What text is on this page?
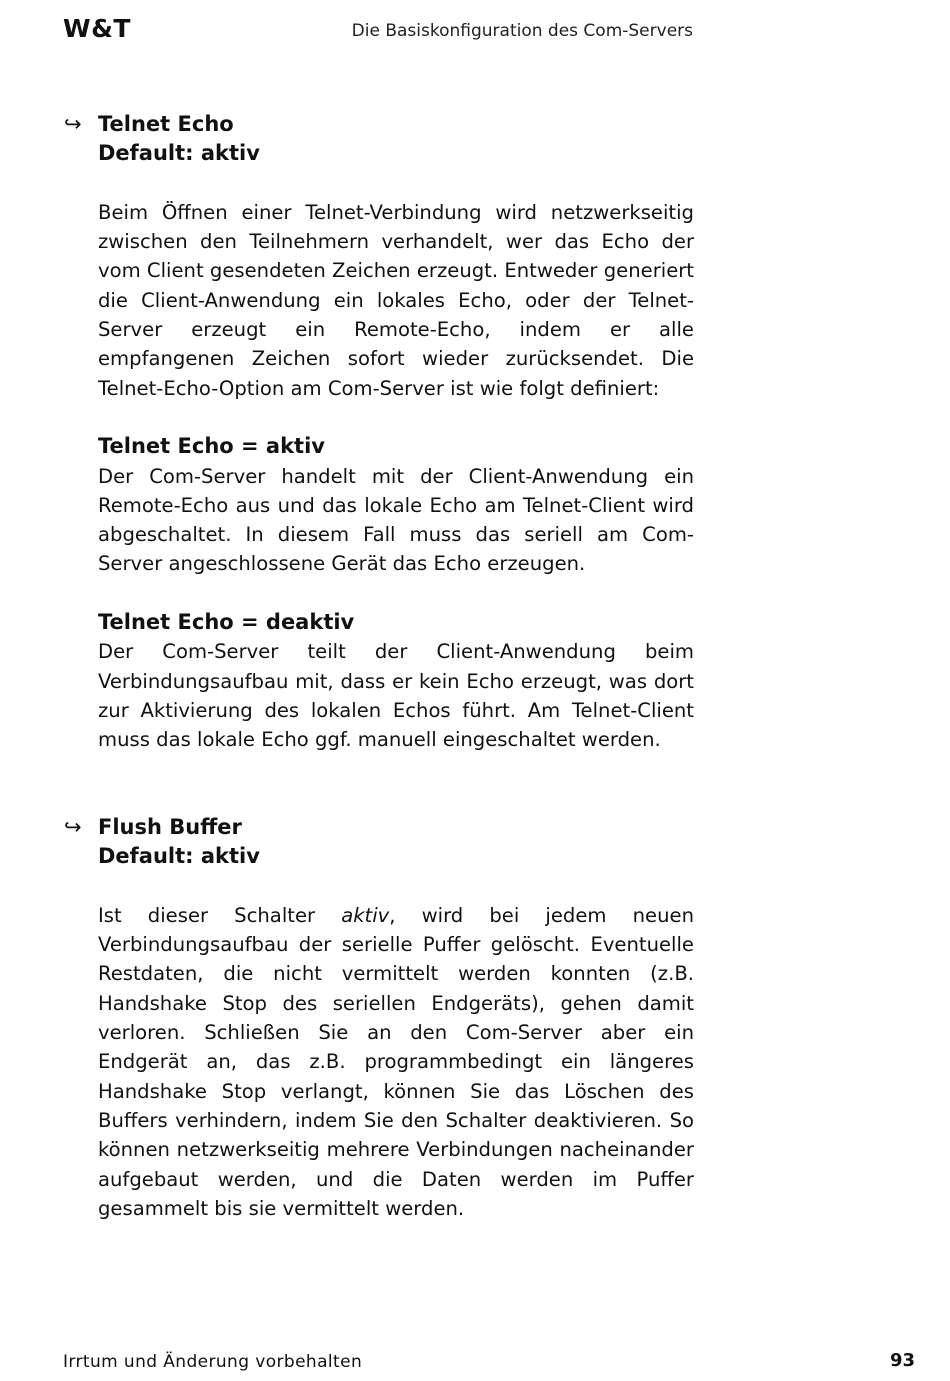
W&T	Die Basiskonfiguration des Com-Servers
↪ Telnet Echo

Default: aktiv

Beim Öffnen einer Telnet-Verbindung wird netzwerkseitig zwischen den Teilnehmern verhandelt, wer das Echo der vom Client gesendeten Zeichen erzeugt. Entweder generiert die Client-Anwendung ein lokales Echo, oder der Telnet-Server erzeugt ein Remote-Echo, indem er alle empfangenen Zeichen sofort wieder zurücksendet. Die Telnet-Echo-Option am Com-Server ist wie folgt definiert:

Telnet Echo = aktiv

Der Com-Server handelt mit der Client-Anwendung ein Remote-Echo aus und das lokale Echo am Telnet-Client wird abgeschaltet. In diesem Fall muss das seriell am Com-Server angeschlossene Gerät das Echo erzeugen.

Telnet Echo = deaktiv

Der Com-Server teilt der Client-Anwendung beim Verbindungsaufbau mit, dass er kein Echo erzeugt, was dort zur Aktivierung des lokalen Echos führt. Am Telnet-Client muss das lokale Echo ggf. manuell eingeschaltet werden.

↪ Flush Buffer

Default: aktiv

Ist dieser Schalter aktiv, wird bei jedem neuen Verbindungsaufbau der serielle Puffer gelöscht. Eventuelle Restdaten, die nicht vermittelt werden konnten (z.B. Handshake Stop des seriellen Endgeräts), gehen damit verloren. Schließen Sie an den Com-Server aber ein Endgerät an, das z.B. programmbedingt ein längeres Handshake Stop verlangt, können Sie das Löschen des Buffers verhindern, indem Sie den Schalter deaktivieren. So können netzwerkseitig mehrere Verbindungen nacheinander aufgebaut werden, und die Daten werden im Puffer gesammelt bis sie vermittelt werden.

Irrtum und Änderung vorbehalten	93
